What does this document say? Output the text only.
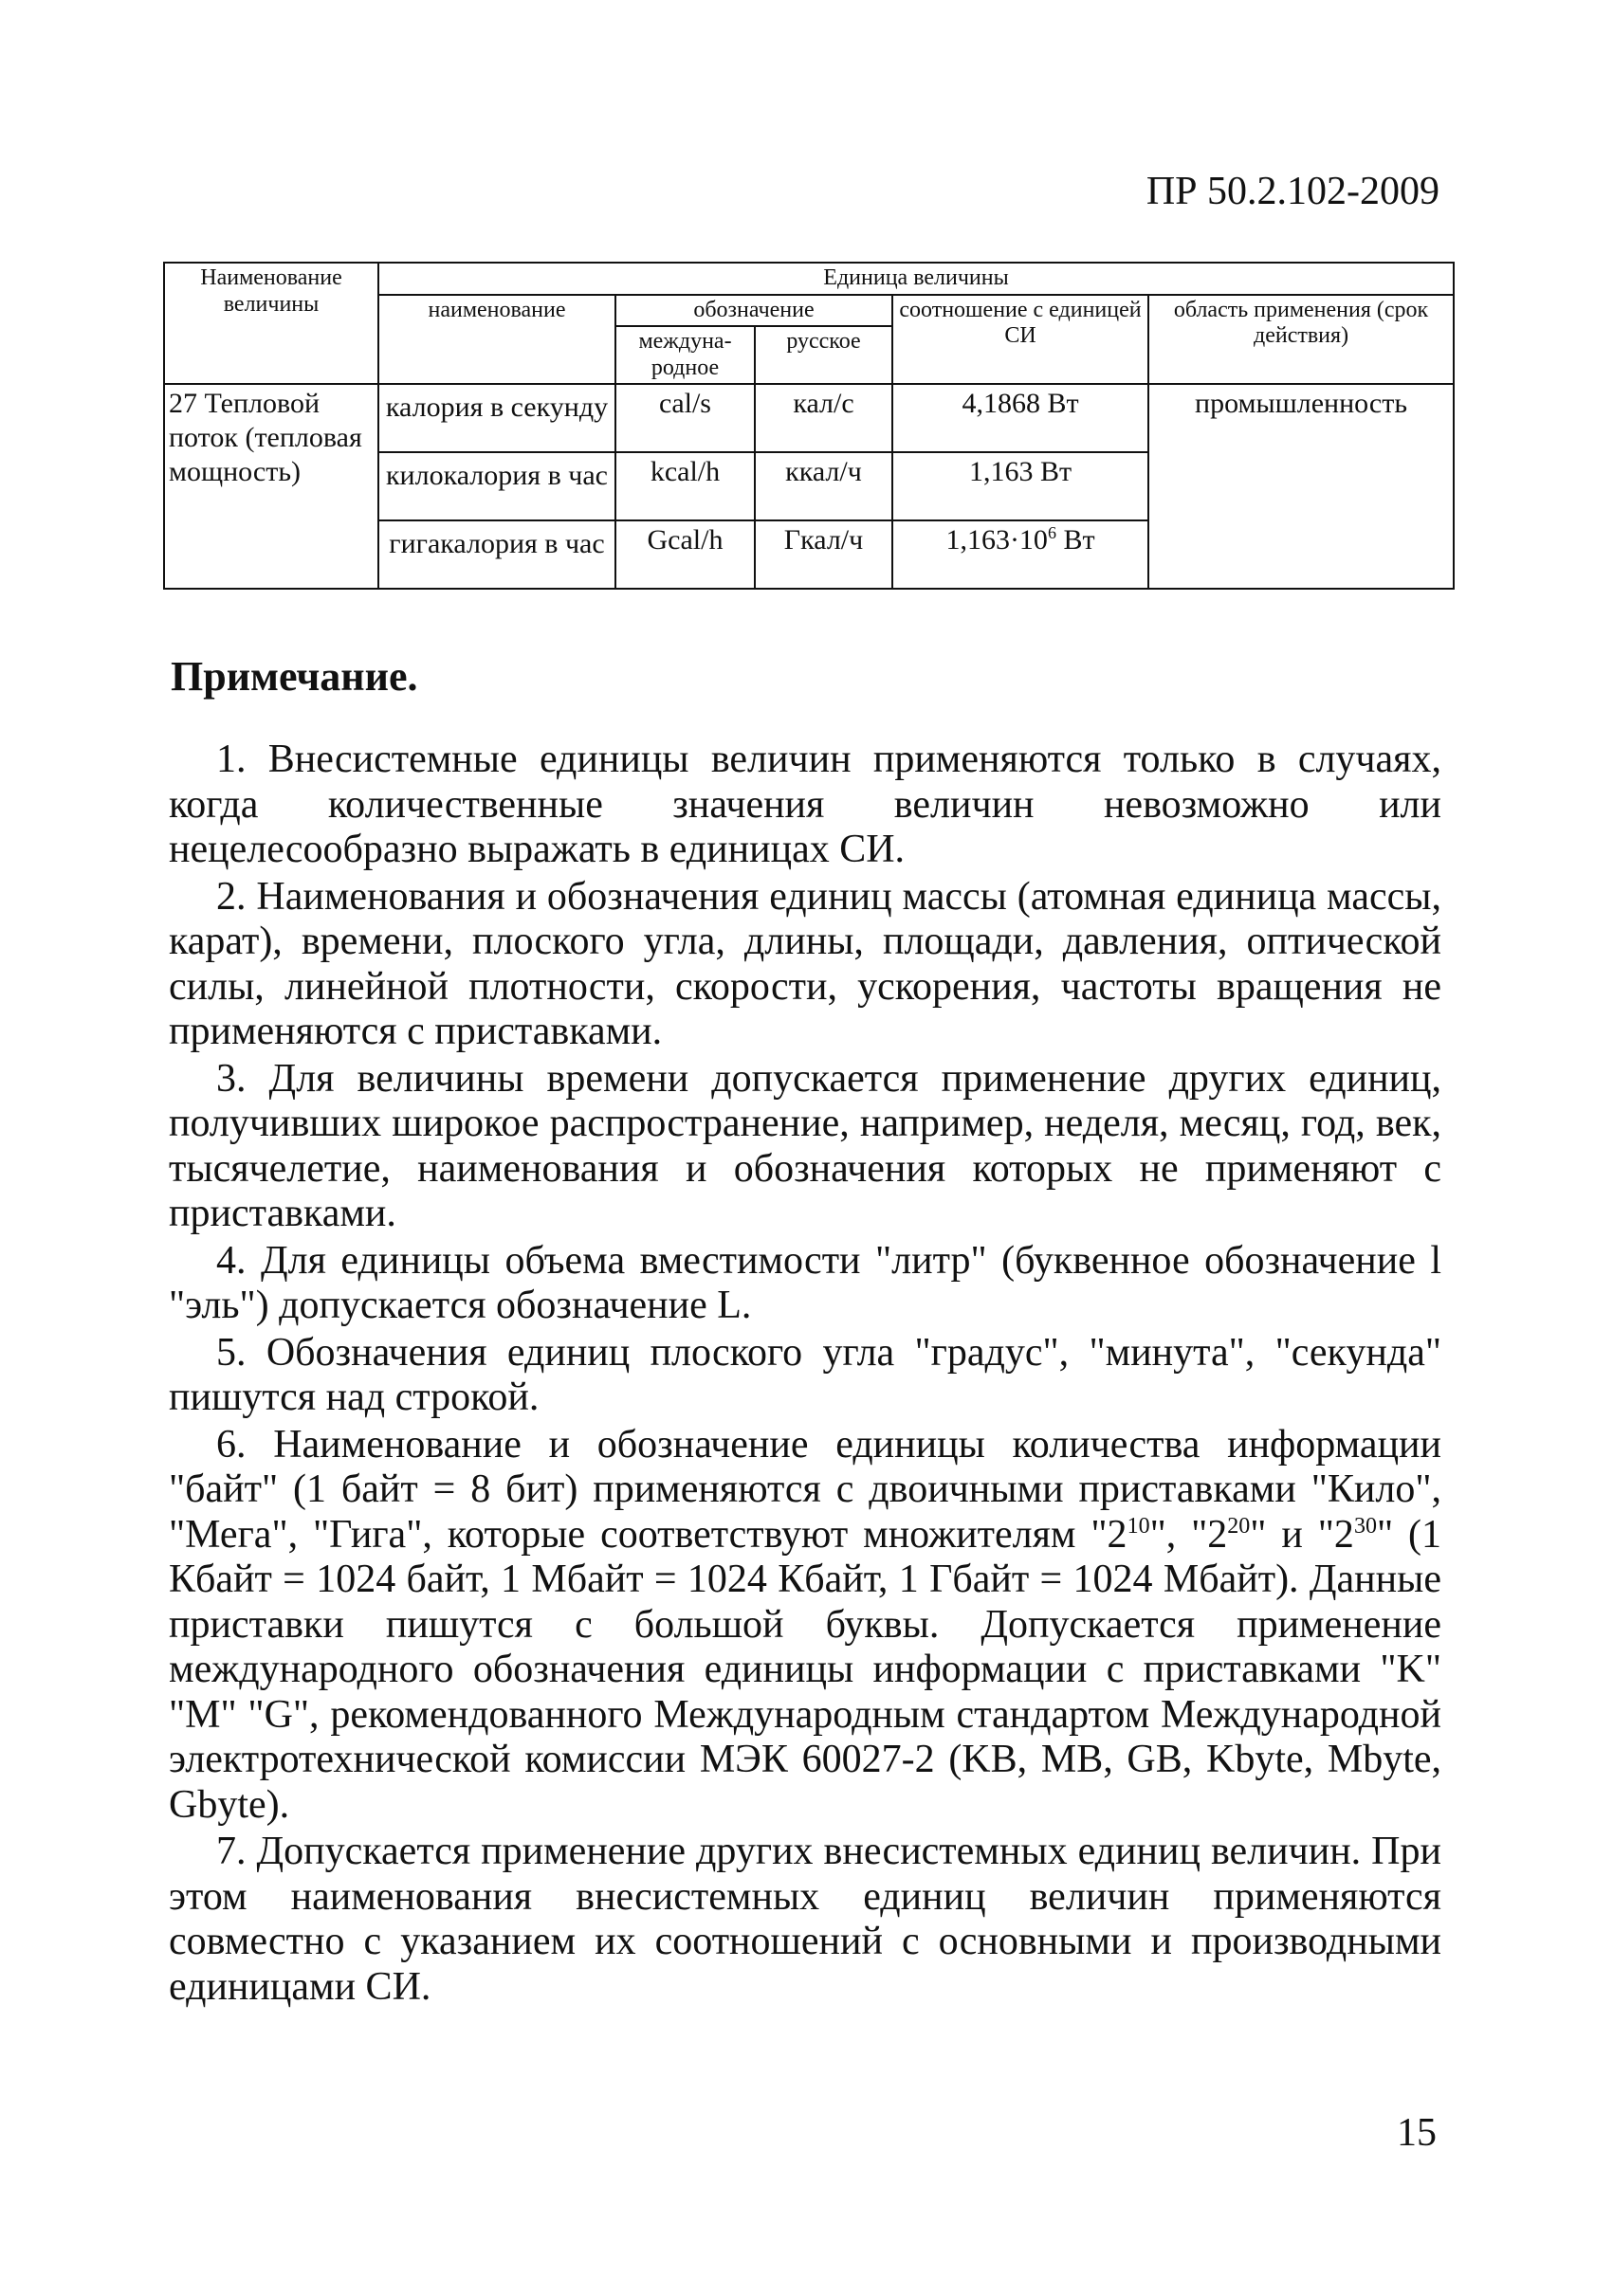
ПР 50.2.102-2009
Наименование величины	Единица величины				
	наименование	обозначение		соотношение с единицей СИ	область применения (срок действия)
		междуна-родное	русское		
27 Тепловой поток (тепловая мощность)	калория в секунду	cal/s	кал/с	4,1868 Вт	промышленность
	килокалория в час	kcal/h	ккал/ч	1,163 Вт	
	гигакалория в час	Gcal/h	Гкал/ч	$1,163\cdot 10^6$ Вт	
Примечание.

1. Внесистемные единицы величин применяются только в случаях, когда количественные значения величин невозможно или нецелесообразно выражать в единицах СИ.

2. Наименования и обозначения единиц массы (атомная единица массы, карат), времени, плоского угла, длины, площади, давления, оптической силы, линейной плотности, скорости, ускорения, частоты вращения не применяются с приставками.

3. Для величины времени допускается применение других единиц, получивших широкое распространение, например, неделя, месяц, год, век, тысячелетие, наименования и обозначения которых не применяют с приставками.

4. Для единицы объема вместимости "литр" (буквенное обозначение l "эль") допускается обозначение L.

5. Обозначения единиц плоского угла "градус", "минута", "секунда" пишутся над строкой.

6. Наименование и обозначение единицы количества информации "байт" (1 байт = 8 бит) применяются с двоичными приставками "Кило", "Мега", "Гига", которые соответствуют множителям "$2^{10}$", "$2^{20}$" и "$2^{30}$" (1 Кбайт = 1024 байт, 1 Мбайт = 1024 Кбайт, 1 Гбайт = 1024 Мбайт). Данные приставки пишутся с большой буквы. Допускается применение международного обозначения единицы информации с приставками "K" "M" "G", рекомендованного Международным стандартом Международной электротехнической комиссии МЭК 60027-2 (KB, MB, GB, Kbyte, Mbyte, Gbyte).

7. Допускается применение других внесистемных единиц величин. При этом наименования внесистемных единиц величин применяются совместно с указанием их соотношений с основными и производными единицами СИ.

15
